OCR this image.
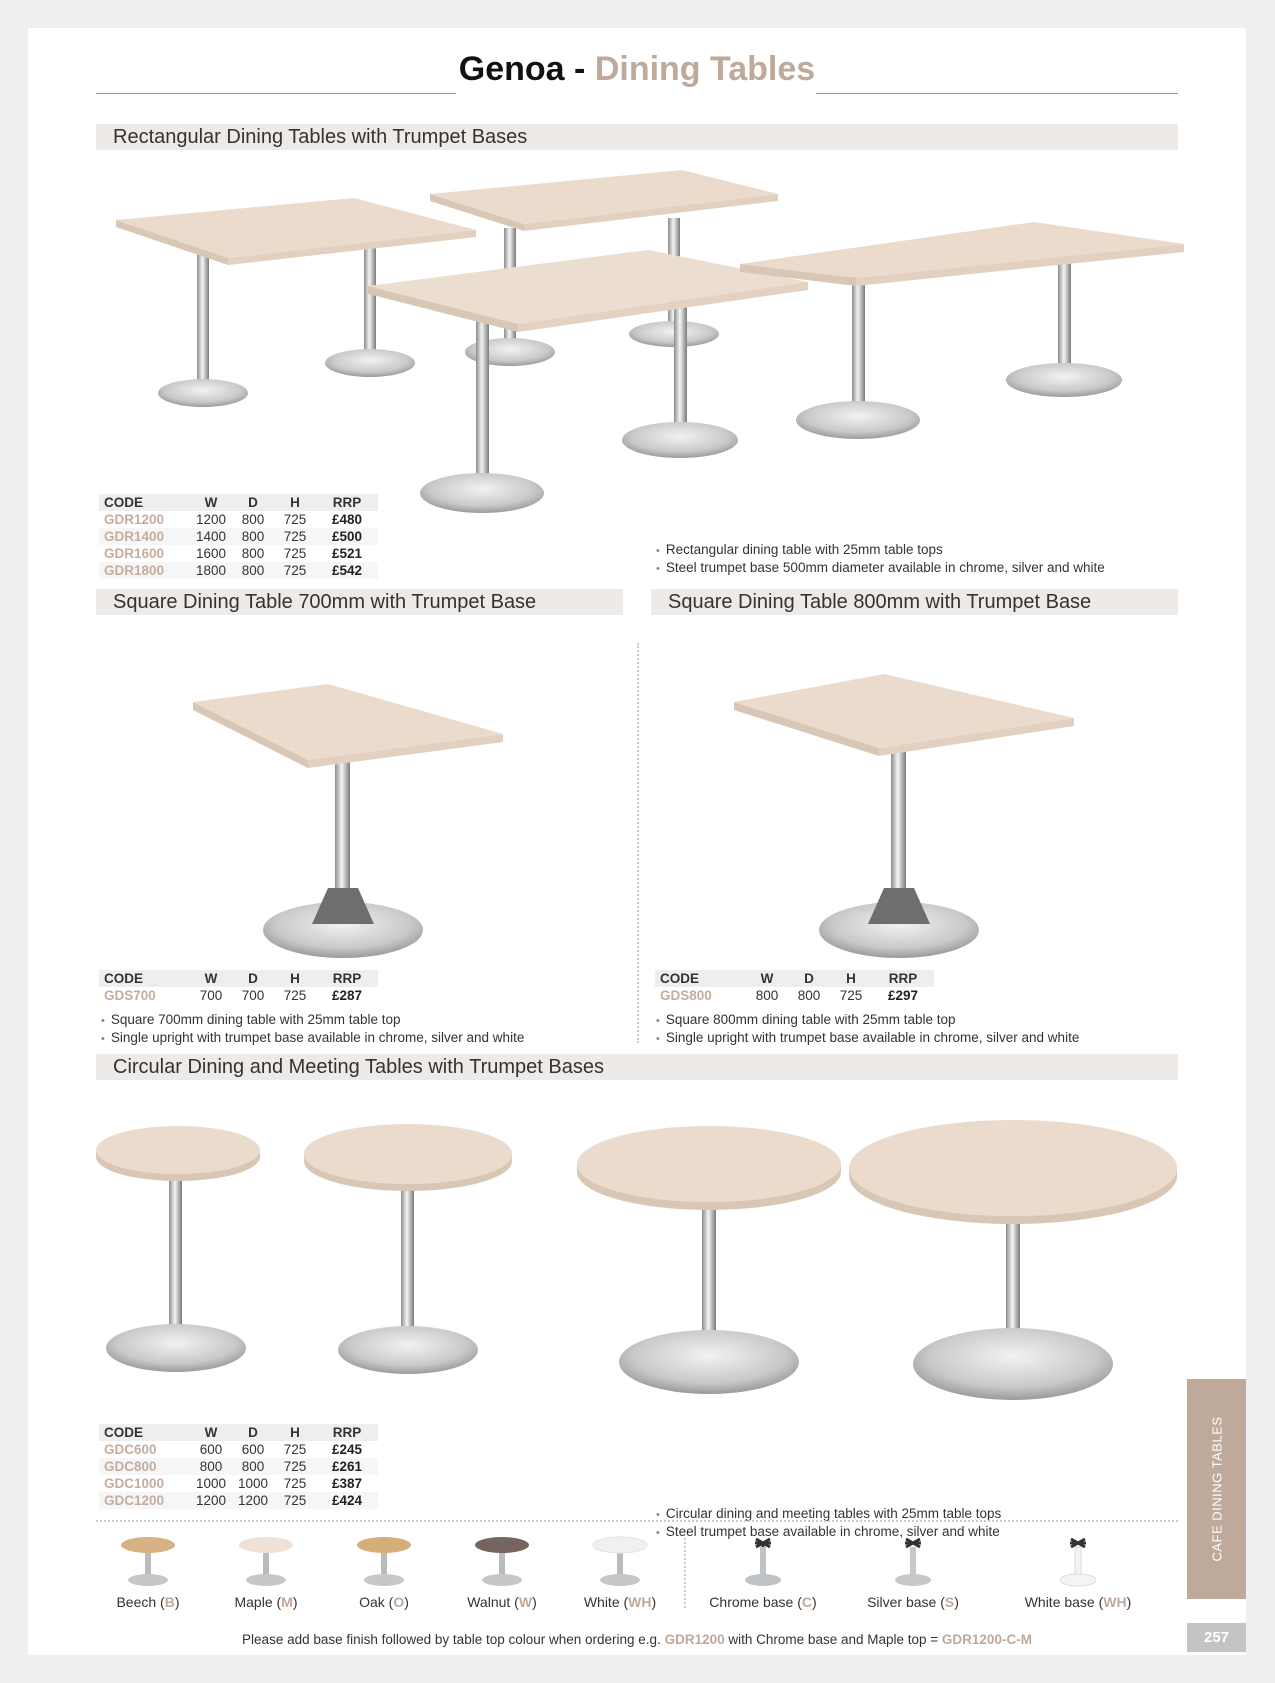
Genoa - Dining Tables
Rectangular Dining Tables with Trumpet Bases
CODE	W	D	H	RRP
GDR1200	1200	800	725	£480
GDR1400	1400	800	725	£500
GDR1600	1600	800	725	£521
GDR1800	1800	800	725	£542
• Rectangular dining table with 25mm table tops
• Steel trumpet base 500mm diameter available in chrome, silver and white
Square Dining Table 700mm with Trumpet Base	Square Dining Table 800mm with Trumpet Base
CODE	W	D	H	RRP
GDS700	700	700	725	£287
CODE	W	D	H	RRP
GDS800	800	800	725	£297
• Square 700mm dining table with 25mm table top
• Single upright with trumpet base available in chrome, silver and white
• Square 800mm dining table with 25mm table top
• Single upright with trumpet base available in chrome, silver and white
Circular Dining and Meeting Tables with Trumpet Bases
CODE	W	D	H	RRP
GDC600	600	600	725	£245
GDC800	800	800	725	£261
GDC1000	1000	1000	725	£387
GDC1200	1200	1200	725	£424
• Circular dining and meeting tables with 25mm table tops
• Steel trumpet base available in chrome, silver and white
Beech (B)	Maple (M)	Oak (O)	Walnut (W)	White (WH)	Chrome base (C)	Silver base (S)	White base (WH)
Please add base finish followed by table top colour when ordering e.g. GDR1200 with Chrome base and Maple top = GDR1200-C-M
CAFE DINING TABLES
257
